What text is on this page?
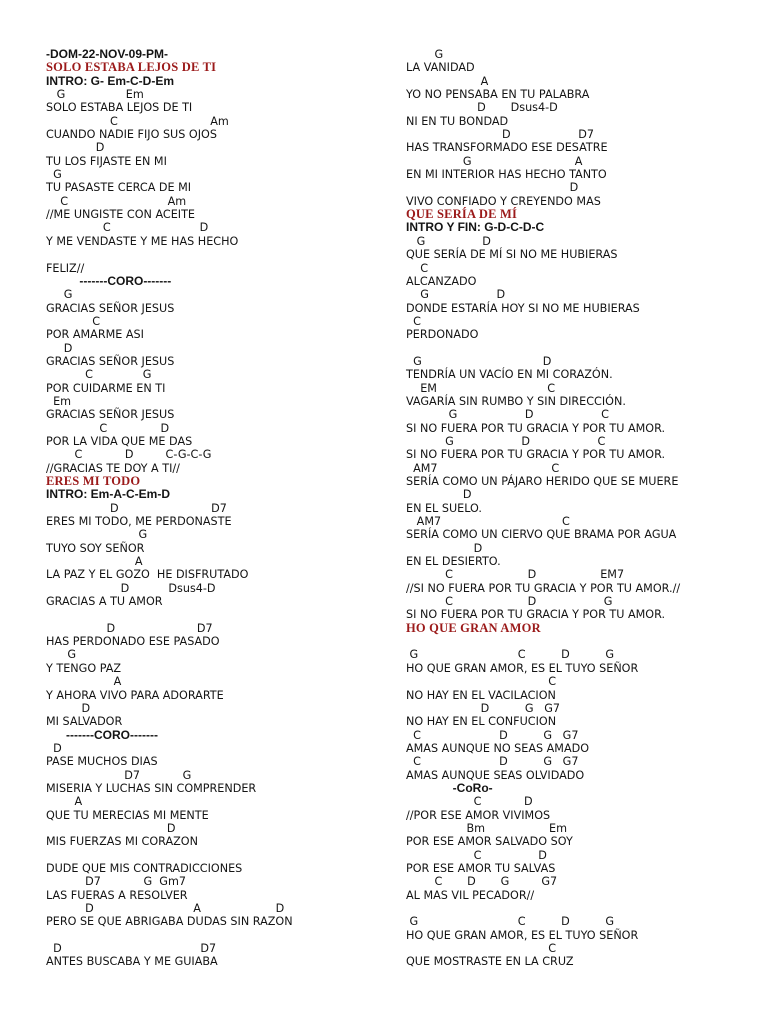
-DOM-22-NOV-09-PM-
SOLO ESTABA LEJOS DE TI
INTRO: G- Em-C-D-Em
G                 Em
SOLO ESTABA LEJOS DE TI
C                          Am
CUANDO NADIE FIJO SUS OJOS
D
TU LOS FIJASTE EN MI
G
TU PASASTE CERCA DE MI
C                            Am
//ME UNGISTE CON ACEITE
C                         D
Y ME VENDASTE Y ME HAS HECHO
FELIZ//
-------CORO-------
G
GRACIAS SEÑOR JESUS
C
POR AMARME ASI
D
GRACIAS SEÑOR JESUS
C              G
POR CUIDARME EN TI
Em
GRACIAS SEÑOR JESUS
C               D
POR LA VIDA QUE ME DAS
C            D         C-G-C-G
//GRACIAS TE DOY A TI//
ERES MI TODO
INTRO: Em-A-C-Em-D
D                          D7
ERES MI TODO, ME PERDONASTE
G
TUYO SOY SEÑOR
A
LA PAZ Y EL GOZO  HE DISFRUTADO
D           Dsus4-D
GRACIAS A TU AMOR
D                       D7
HAS PERDONADO ESE PASADO
G
Y TENGO PAZ
A
Y AHORA VIVO PARA ADORARTE
D
MI SALVADOR
-------CORO-------
D
PASE MUCHOS DIAS
D7            G
MISERIA Y LUCHAS SIN COMPRENDER
A
QUE TU MERECIAS MI MENTE
D
MIS FUERZAS MI CORAZON
DUDE QUE MIS CONTRADICCIONES
D7            G  Gm7
LAS FUERAS A RESOLVER
D                            A                     D
PERO SE QUE ABRIGABA DUDAS SIN RAZON
D                                       D7
ANTES BUSCABA Y ME GUIABA
G
LA VANIDAD
A
YO NO PENSABA EN TU PALABRA
D       Dsus4-D
NI EN TU BONDAD
D                   D7
HAS TRANSFORMADO ESE DESATRE
G                             A
EN MI INTERIOR HAS HECHO TANTO
D
VIVO CONFIADO Y CREYENDO MAS
QUE SERÍA DE MÍ
INTRO Y FIN: G-D-C-D-C
G                D
QUE SERÍA DE MÍ SI NO ME HUBIERAS
C
ALCANZADO
G                   D
DONDE ESTARÍA HOY SI NO ME HUBIERAS
C
PERDONADO
G                                  D
TENDRÍA UN VACÍO EN MI CORAZÓN.
EM                               C
VAGARÍA SIN RUMBO Y SIN DIRECCIÓN.
G                   D                   C
SI NO FUERA POR TU GRACIA Y POR TU AMOR.
G                   D                   C
SI NO FUERA POR TU GRACIA Y POR TU AMOR.
AM7                                C
SERÍA COMO UN PÁJARO HERIDO QUE SE MUERE
D
EN EL SUELO.
AM7                                  C
SERÍA COMO UN CIERVO QUE BRAMA POR AGUA
D
EN EL DESIERTO.
C                     D                  EM7
//SI NO FUERA POR TU GRACIA Y POR TU AMOR.//
C                     D                   G
SI NO FUERA POR TU GRACIA Y POR TU AMOR.
HO QUE GRAN AMOR
G                            C          D          G
HO QUE GRAN AMOR, ES EL TUYO SEÑOR
C
NO HAY EN EL VACILACION
D          G   G7
NO HAY EN EL CONFUCION
C                      D          G   G7
AMAS AUNQUE NO SEAS AMADO
C                      D          G   G7
AMAS AUNQUE SEAS OLVIDADO
-CoRo-
C            D
//POR ESE AMOR VIVIMOS
Bm                  Em
POR ESE AMOR SALVADO SOY
C                D
POR ESE AMOR TU SALVAS
C       D       G         G7
AL MAS VIL PECADOR//
G                            C          D          G
HO QUE GRAN AMOR, ES EL TUYO SEÑOR
C
QUE MOSTRASTE EN LA CRUZ
